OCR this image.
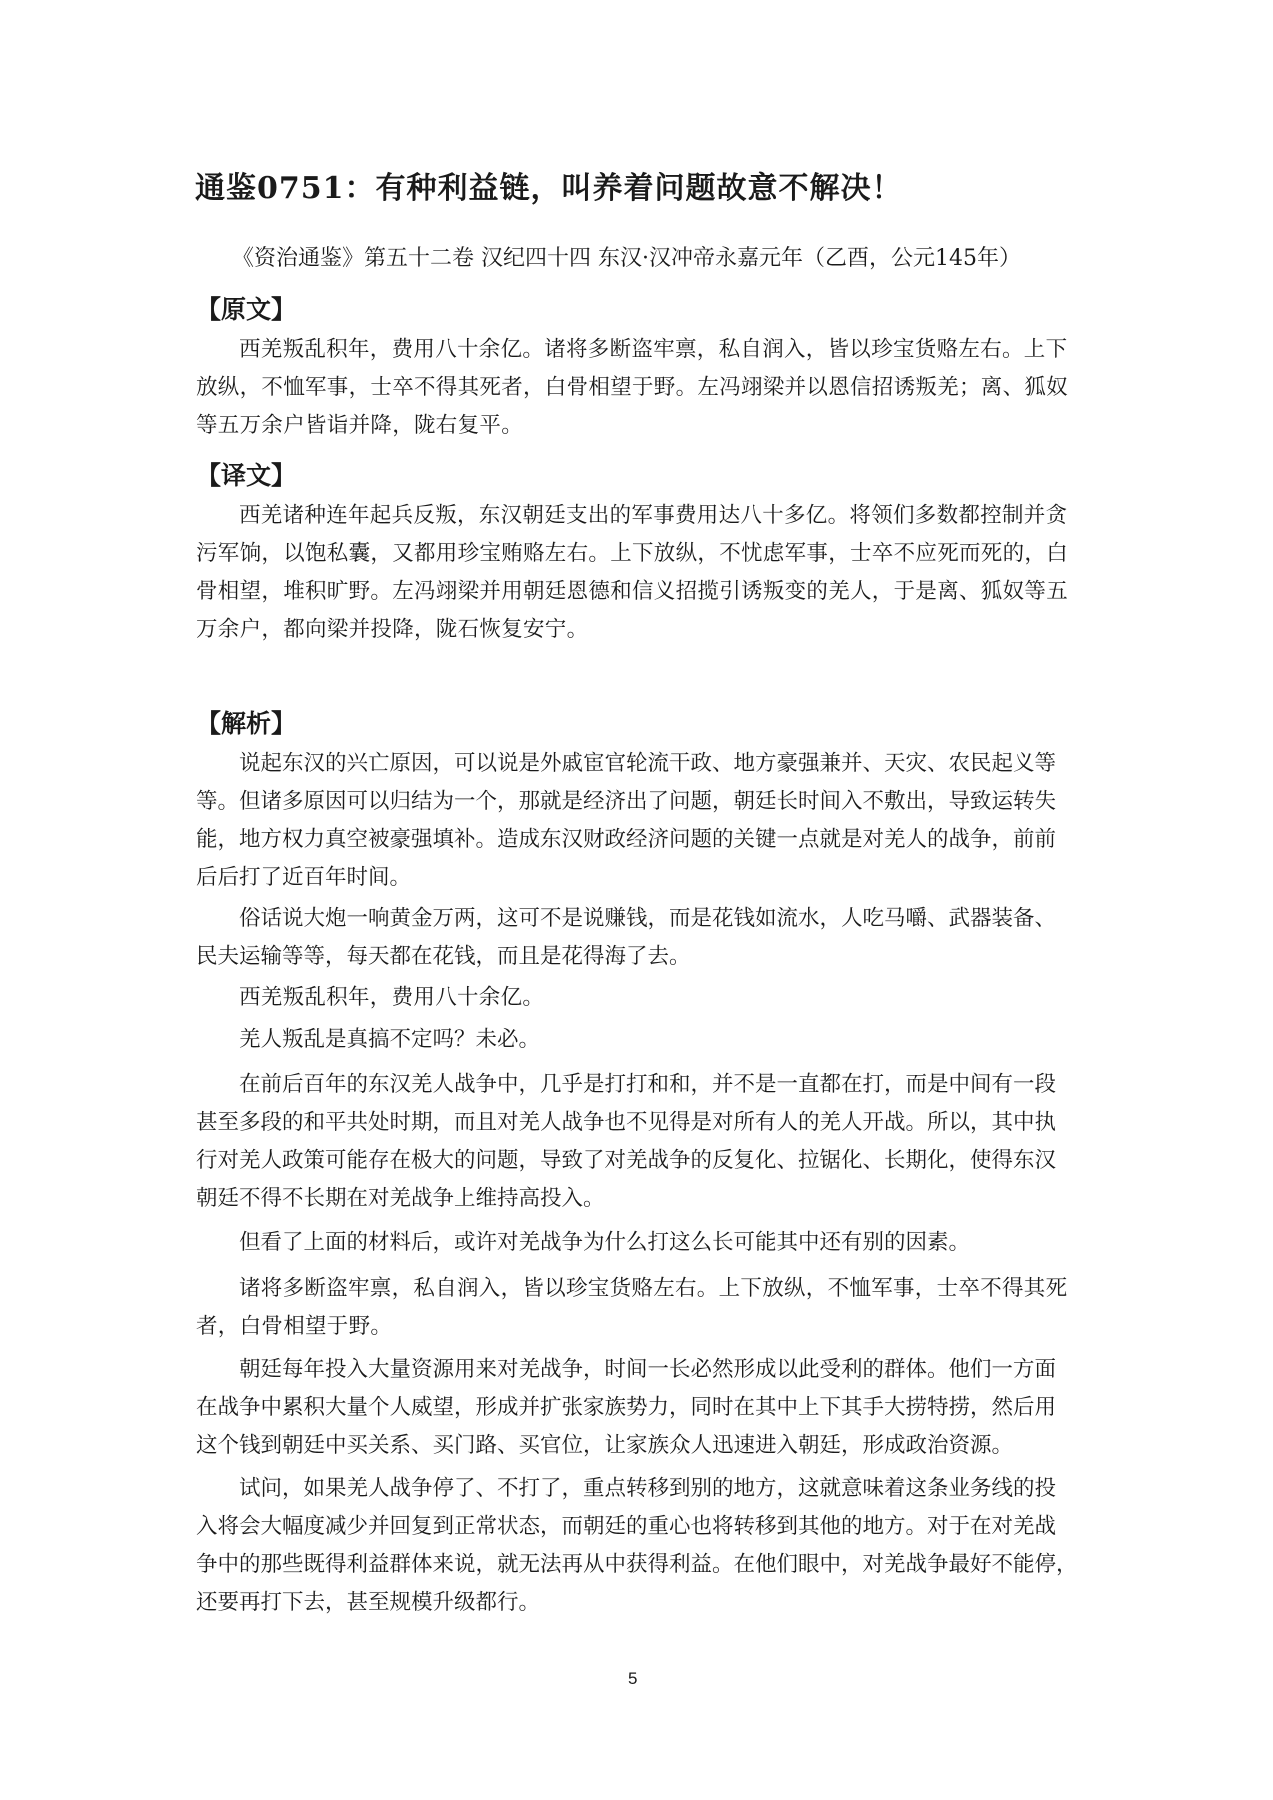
通鉴0751：有种利益链，叫养着问题故意不解决！
《资治通鉴》第五十二卷 汉纪四十四 东汉·汉冲帝永嘉元年（乙酉，公元145年）
【原文】
西羌叛乱积年，费用八十余亿。诸将多断盗牢禀，私自润入，皆以珍宝货赂左右。上下
放纵，不恤军事，士卒不得其死者，白骨相望于野。左冯翊梁并以恩信招诱叛羌；离、狐奴
等五万余户皆诣并降，陇右复平。
【译文】
西羌诸种连年起兵反叛，东汉朝廷支出的军事费用达八十多亿。将领们多数都控制并贪
污军饷，以饱私囊，又都用珍宝贿赂左右。上下放纵，不忧虑军事，士卒不应死而死的，白
骨相望，堆积旷野。左冯翊梁并用朝廷恩德和信义招揽引诱叛变的羌人，于是离、狐奴等五
万余户，都向梁并投降，陇石恢复安宁。
【解析】
说起东汉的兴亡原因，可以说是外戚宦官轮流干政、地方豪强兼并、天灾、农民起义等
等。但诸多原因可以归结为一个，那就是经济出了问题，朝廷长时间入不敷出，导致运转失
能，地方权力真空被豪强填补。造成东汉财政经济问题的关键一点就是对羌人的战争，前前
后后打了近百年时间。
俗话说大炮一响黄金万两，这可不是说赚钱，而是花钱如流水，人吃马嚼、武器装备、
民夫运输等等，每天都在花钱，而且是花得海了去。
西羌叛乱积年，费用八十余亿。
羌人叛乱是真搞不定吗？未必。
在前后百年的东汉羌人战争中，几乎是打打和和，并不是一直都在打，而是中间有一段
甚至多段的和平共处时期，而且对羌人战争也不见得是对所有人的羌人开战。所以，其中执
行对羌人政策可能存在极大的问题，导致了对羌战争的反复化、拉锯化、长期化，使得东汉
朝廷不得不长期在对羌战争上维持高投入。
但看了上面的材料后，或许对羌战争为什么打这么长可能其中还有别的因素。
诸将多断盗牢禀，私自润入，皆以珍宝货赂左右。上下放纵，不恤军事，士卒不得其死
者，白骨相望于野。
朝廷每年投入大量资源用来对羌战争，时间一长必然形成以此受利的群体。他们一方面
在战争中累积大量个人威望，形成并扩张家族势力，同时在其中上下其手大捞特捞，然后用
这个钱到朝廷中买关系、买门路、买官位，让家族众人迅速进入朝廷，形成政治资源。
试问，如果羌人战争停了、不打了，重点转移到别的地方，这就意味着这条业务线的投
入将会大幅度减少并回复到正常状态，而朝廷的重心也将转移到其他的地方。对于在对羌战
争中的那些既得利益群体来说，就无法再从中获得利益。在他们眼中，对羌战争最好不能停，
还要再打下去，甚至规模升级都行。
5
